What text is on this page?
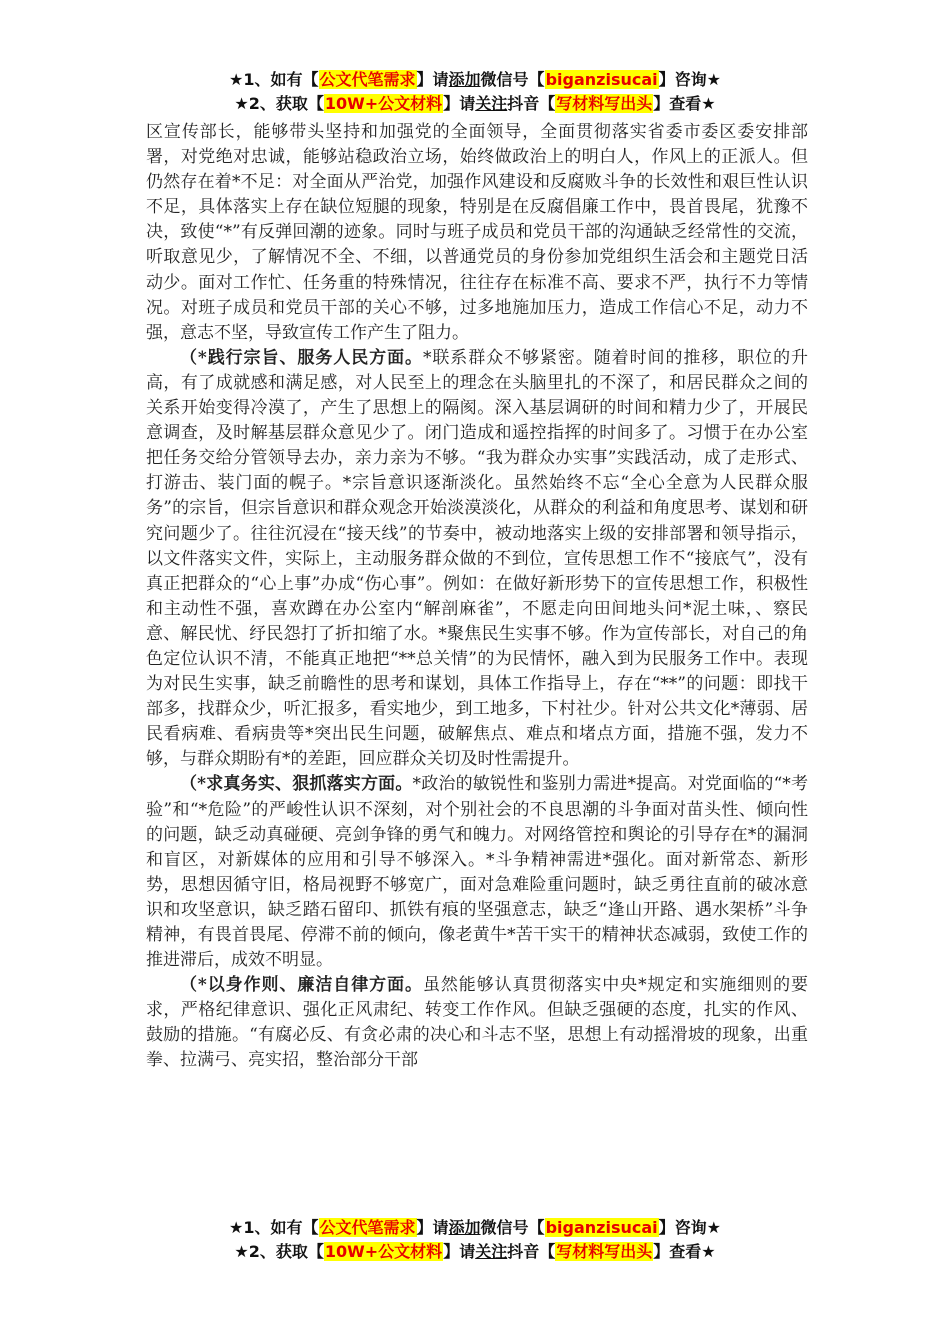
★1、如有【公文代笔需求】请添加微信号【biganzisucai】咨询★
★2、获取【10W+公文材料】请关注抖音【写材料写出头】查看★

区宣传部长，能够带头坚持和加强党的全面领导，全面贯彻落实省委市委区委安排部署，对党绝对忠诚，能够站稳政治立场，始终做政治上的明白人，作风上的正派人。但仍然存在着*不足：对全面从严治党，加强作风建设和反腐败斗争的长效性和艰巨性认识不足，具体落实上存在缺位短腿的现象，特别是在反腐倡廉工作中，畏首畏尾，犹豫不决，致使“*”有反弹回潮的迹象。同时与班子成员和党员干部的沟通缺乏经常性的交流，听取意见少，了解情况不全、不细，以普通党员的身份参加党组织生活会和主题党日活动少。面对工作忙、任务重的特殊情况，往往存在标准不高、要求不严，执行不力等情况。对班子成员和党员干部的关心不够，过多地施加压力，造成工作信心不足，动力不强，意志不坚，导致宣传工作产生了阻力。

（*践行宗旨、服务人民方面。*联系群众不够紧密。随着时间的推移，职位的升高，有了成就感和满足感，对人民至上的理念在头脑里扎的不深了，和居民群众之间的关系开始变得冷漠了，产生了思想上的隔阂。深入基层调研的时间和精力少了，开展民意调查，及时解基层群众意见少了。闭门造成和遥控指挥的时间多了。习惯于在办公室把任务交给分管领导去办，亲力亲为不够。“我为群众办实事”实践活动，成了走形式、打游击、装门面的幌子。*宗旨意识逐渐淡化。虽然始终不忘“全心全意为人民群众服务”的宗旨，但宗旨意识和群众观念开始淡漠淡化，从群众的利益和角度思考、谋划和研究问题少了。往往沉浸在“接天线”的节奏中，被动地落实上级的安排部署和领导指示，以文件落实文件，实际上，主动服务群众做的不到位，宣传思想工作不“接底气”，没有真正把群众的“心上事”办成“伤心事”。例如：在做好新形势下的宣传思想工作，积极性和主动性不强，喜欢蹲在办公室内“解剖麻雀”，不愿走向田间地头问*泥土味，、察民意、解民忧、纾民怨打了折扣缩了水。*聚焦民生实事不够。作为宣传部长，对自己的角色定位认识不清，不能真正地把“**总关情”的为民情怀，融入到为民服务工作中。表现为对民生实事，缺乏前瞻性的思考和谋划，具体工作指导上，存在“**”的问题：即找干部多，找群众少，听汇报多，看实地少，到工地多，下村社少。针对公共文化*薄弱、居民看病难、看病贵等*突出民生问题，破解焦点、难点和堵点方面，措施不强，发力不够，与群众期盼有*的差距，回应群众关切及时性需提升。

（*求真务实、狠抓落实方面。*政治的敏锐性和鉴别力需进*提高。对党面临的“*考验”和“*危险”的严峻性认识不深刻，对个别社会的不良思潮的斗争面对苗头性、倾向性的问题，缺乏动真碰硬、亮剑争锋的勇气和魄力。对网络管控和舆论的引导存在*的漏洞和盲区，对新媒体的应用和引导不够深入。*斗争精神需进*强化。面对新常态、新形势，思想因循守旧，格局视野不够宽广，面对急难险重问题时，缺乏勇往直前的破冰意识和攻坚意识，缺乏踏石留印、抓铁有痕的坚强意志，缺乏“逢山开路、遇水架桥”斗争精神，有畏首畏尾、停滞不前的倾向，像老黄牛*苦干实干的精神状态减弱，致使工作的推进滞后，成效不明显。

（*以身作则、廉洁自律方面。虽然能够认真贯彻落实中央*规定和实施细则的要求，严格纪律意识、强化正风肃纪、转变工作作风。但缺乏强硬的态度，扎实的作风、鼓励的措施。“有腐必反、有贪必肃的决心和斗志不坚，思想上有动摇滑坡的现象，出重拳、拉满弓、亮实招，整治部分干部

★1、如有【公文代笔需求】请添加微信号【biganzisucai】咨询★
★2、获取【10W+公文材料】请关注抖音【写材料写出头】查看★
